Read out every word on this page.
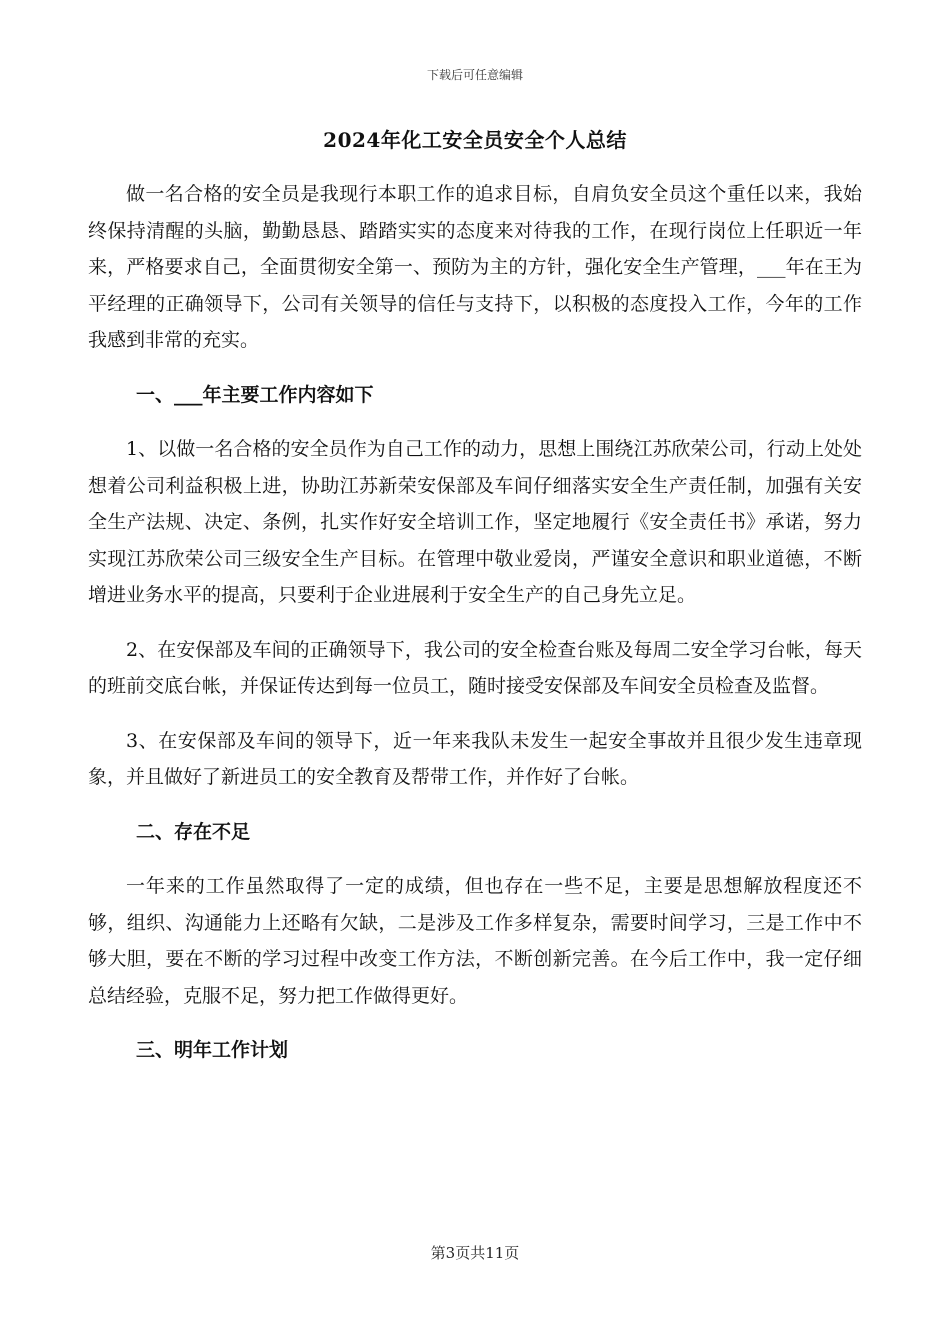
下载后可任意编辑
2024年化工安全员安全个人总结

做一名合格的安全员是我现行本职工作的追求目标，自肩负安全员这个重任以来，我始终保持清醒的头脑，勤勤恳恳、踏踏实实的态度来对待我的工作，在现行岗位上任职近一年来，严格要求自己，全面贯彻安全第一、预防为主的方针，强化安全生产管理，___年在王为平经理的正确领导下，公司有关领导的信任与支持下，以积极的态度投入工作，今年的工作我感到非常的充实。

一、___年主要工作内容如下

1、以做一名合格的安全员作为自己工作的动力，思想上围绕江苏欣荣公司，行动上处处想着公司利益积极上进，协助江苏新荣安保部及车间仔细落实安全生产责任制，加强有关安全生产法规、决定、条例，扎实作好安全培训工作，坚定地履行《安全责任书》承诺，努力实现江苏欣荣公司三级安全生产目标。在管理中敬业爱岗，严谨安全意识和职业道德，不断增进业务水平的提高，只要利于企业进展利于安全生产的自己身先立足。

2、在安保部及车间的正确领导下，我公司的安全检查台账及每周二安全学习台帐，每天的班前交底台帐，并保证传达到每一位员工，随时接受安保部及车间安全员检查及监督。

3、在安保部及车间的领导下，近一年来我队未发生一起安全事故并且很少发生违章现象，并且做好了新进员工的安全教育及帮带工作，并作好了台帐。

二、存在不足

一年来的工作虽然取得了一定的成绩，但也存在一些不足，主要是思想解放程度还不够，组织、沟通能力上还略有欠缺，二是涉及工作多样复杂，需要时间学习，三是工作中不够大胆，要在不断的学习过程中改变工作方法，不断创新完善。在今后工作中，我一定仔细总结经验，克服不足，努力把工作做得更好。

三、明年工作计划
第3页共11页
